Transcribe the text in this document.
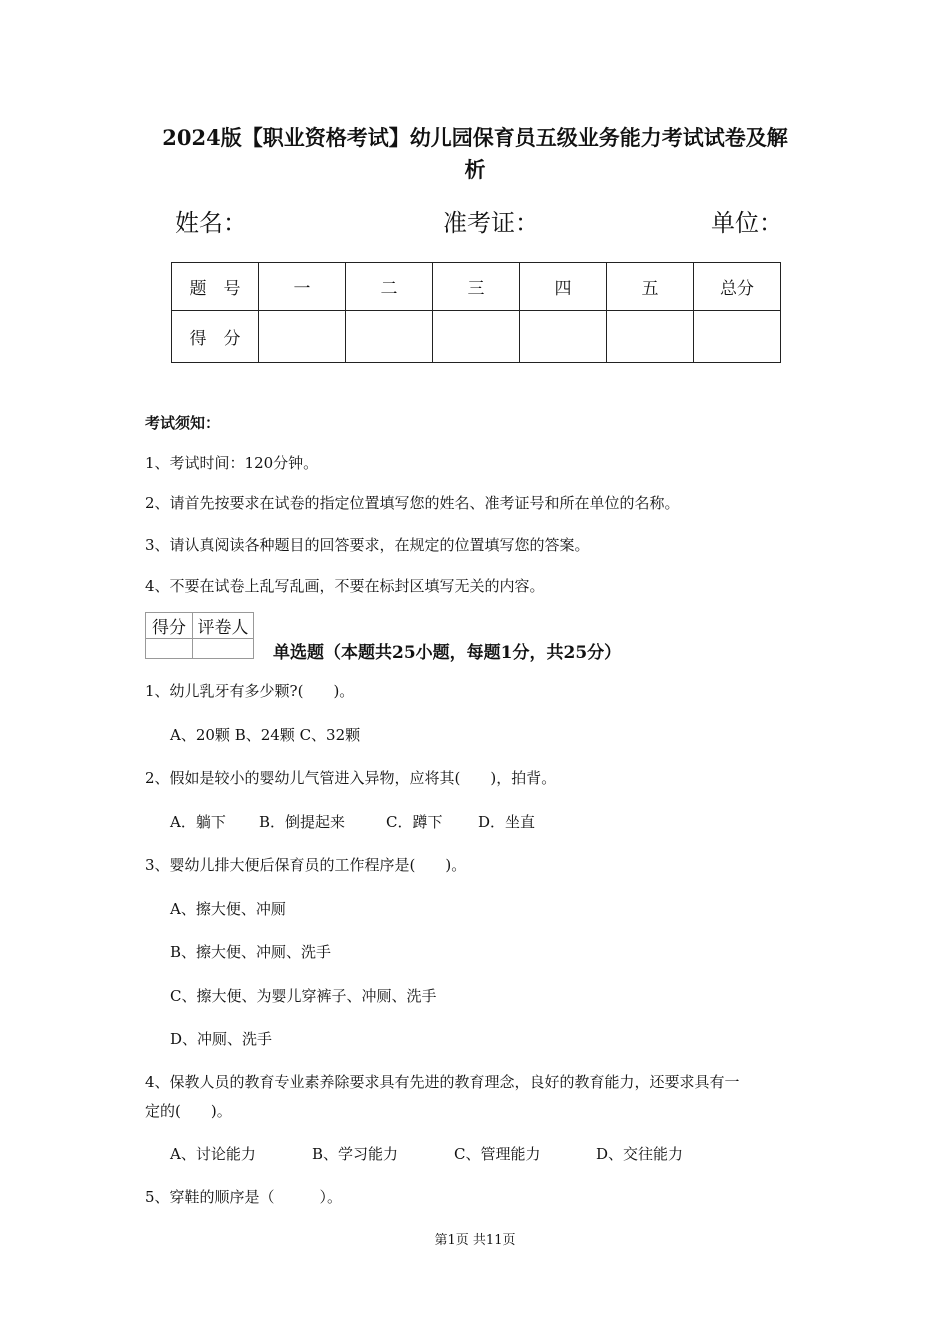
2024版【职业资格考试】幼儿园保育员五级业务能力考试试卷及解
析
姓名：	准考证：	单位：
题　号	一	二	三	四	五	总分
得　分						
考试须知：
1、考试时间：120分钟。
2、请首先按要求在试卷的指定位置填写您的姓名、准考证号和所在单位的名称。
3、请认真阅读各种题目的回答要求，在规定的位置填写您的答案。
4、不要在试卷上乱写乱画，不要在标封区填写无关的内容。
得分	评卷人

单选题（本题共25小题，每题1分，共25分）
1、幼儿乳牙有多少颗?(　　)。
A、20颗 B、24颗 C、32颗
2、假如是较小的婴幼儿气管进入异物，应将其(　　)，拍背。
A．躺下 B．倒提起来	C．蹲下 D．坐直
3、婴幼儿排大便后保育员的工作程序是(　　)。
A、擦大便、冲厕
B、擦大便、冲厕、洗手
C、擦大便、为婴儿穿裤子、冲厕、洗手
D、冲厕、洗手
4、保教人员的教育专业素养除要求具有先进的教育理念，良好的教育能力，还要求具有一
定的(　　)。
A、讨论能力	B、学习能力	C、管理能力	D、交往能力
5、穿鞋的顺序是（　　　）。
第1页 共11页
